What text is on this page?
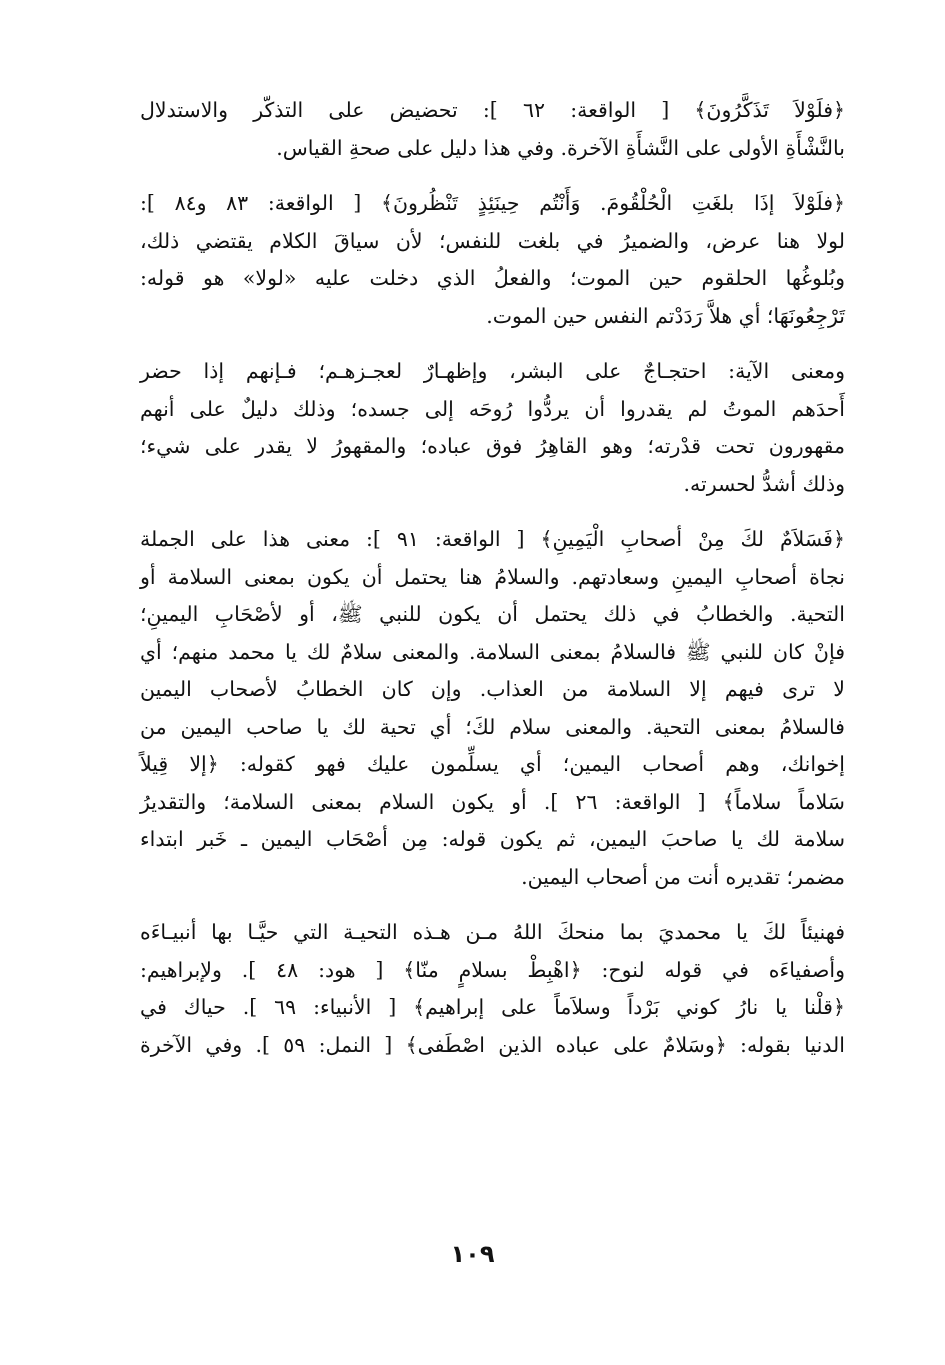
﴿فلَوْلاَ تَذَكَّرُونَ﴾ [ الواقعة: ٦٢ ]: تحضيض على التذكّر والاستدلال
بالنَّشْأَةِ الأولى على النَّشأَةِ الآخرة. وفي هذا دليل على صحةِ القياس.
﴿فلَوْلاَ إذَا بلغَتِ الْحُلْقُومَ. وَأَنْتُم حِينَئِذٍ تَنْظُرونَ﴾ [ الواقعة: ٨٣ و٨٤ ]:
لولا هنا عرض، والضميرُ في بلغت للنفس؛ لأن سياقَ الكلام يقتضي ذلك،
وبُلوغُها الحلقوم حين الموت؛ والفعلُ الذي دخلت عليه «لولا» هو قوله:
تَرْجِعُونَهَا؛ أي هلاَّ رَدَدْتم النفس حين الموت.
ومعنى الآية: احتجـاجٌ على البشر، وإظهـارٌ لعجـزهـم؛ فـإنهم إذا حضر
أَحدَهم الموتُ لم يقدروا أن يردُّوا رُوحَه إلى جسده؛ وذلك دليلٌ على أنهم
مقهورون تحت قدْرته؛ وهو القاهِرُ فوق عباده؛ والمقهورُ لا يقدر على شيء؛
وذلك أشدُّ لحسرته.
﴿فَسَلاَمٌ لكَ مِنْ أصحابِ الْيَمِينِ﴾ [ الواقعة: ٩١ ]: معنى هذا على الجملة
نجاة أصحابِ اليمينِ وسعادتهم. والسلامُ هنا يحتمل أن يكون بمعنى السلامة أو
التحية. والخطابُ في ذلك يحتمل أن يكون للنبي ﷺ، أو لأصْحَابِ اليمينِ؛
فإنْ كان للنبي ﷺ فالسلامُ بمعنى السلامة. والمعنى سلامٌ لك يا محمد منهم؛ أي
لا ترى فيهم إلا السلامة من العذاب. وإن كان الخطابُ لأصحاب اليمين
فالسلامُ بمعنى التحية. والمعنى سلام لكَ؛ أي تحية لك يا صاحب اليمين من
إخوانك، وهم أصحاب اليمين؛ أي يسلِّمون عليك فهو كقوله: ﴿إلا قِيلاً
سَلاماً سلاماً﴾ [ الواقعة: ٢٦ ]. أو يكون السلام بمعنى السلامة؛ والتقديرُ
سلامة لك يا صاحبَ اليمين، ثم يكون قوله: مِن أصْحَاب اليمين ـ خَبر ابتداء
مضمر؛ تقديره أنت من أصحاب اليمين.
فهنيئاً لكَ يا محمديَ بما منحكَ اللهُ مـن هـذه التحيـة التي حيَّـا بها أنبيـاءَه
وأصفياءَه في قوله لنوح: ﴿اهْبِطْ بسلامٍ منّا﴾ [ هود: ٤٨ ]. ولإبراهيم:
﴿قلْنا يا نارُ كوني بَرْداً وسلاَماً على إبراهيم﴾ [ الأنبياء: ٦٩ ]. حياك في
الدنيا بقوله: ﴿وسَلامٌ على عباده الذين اصْطَفى﴾ [ النمل: ٥٩ ]. وفي الآخرة
١٠٩
